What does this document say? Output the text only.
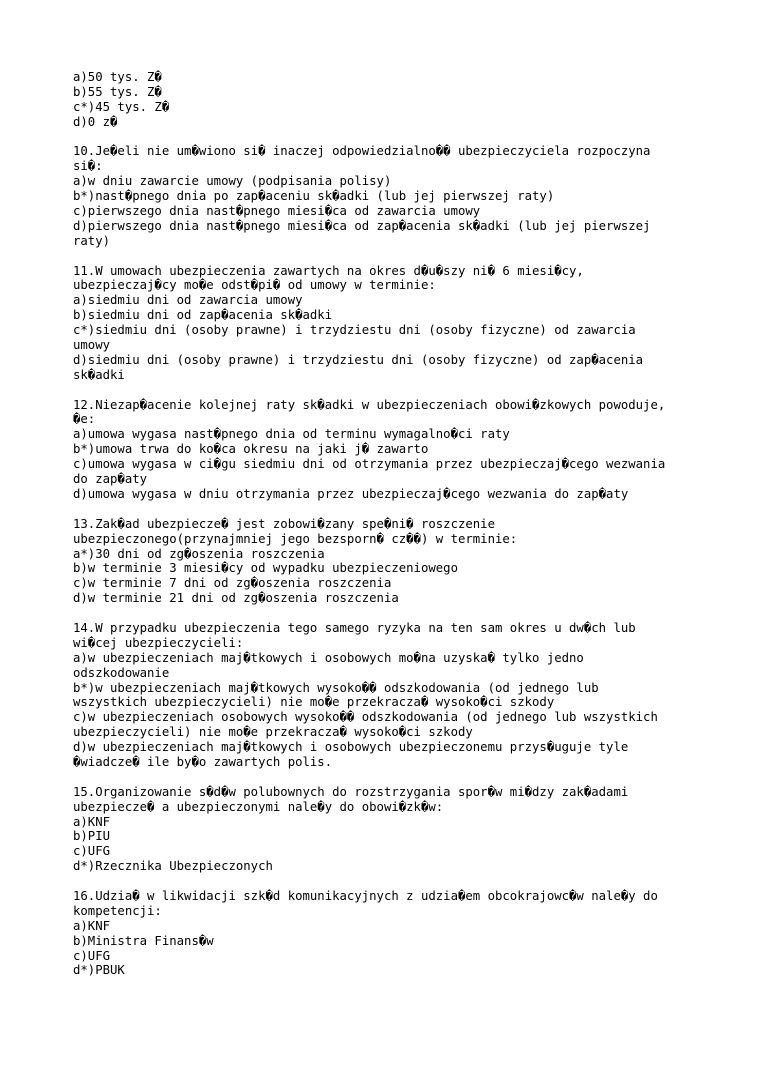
a)50 tys. Z�
b)55 tys. Z�
c*)45 tys. Z�
d)0 z�
10.Je�eli nie um�wiono si� inaczej odpowiedzialno�� ubezpieczyciela rozpoczyna
si�:
a)w dniu zawarcie umowy (podpisania polisy)
b*)nast�pnego dnia po zap�aceniu sk�adki (lub jej pierwszej raty)
c)pierwszego dnia nast�pnego miesi�ca od zawarcia umowy
d)pierwszego dnia nast�pnego miesi�ca od zap�acenia sk�adki (lub jej pierwszej
raty)
11.W umowach ubezpieczenia zawartych na okres d�u�szy ni� 6 miesi�cy,
ubezpieczaj�cy mo�e odst�pi� od umowy w terminie:
a)siedmiu dni od zawarcia umowy
b)siedmiu dni od zap�acenia sk�adki
c*)siedmiu dni (osoby prawne) i trzydziestu dni (osoby fizyczne) od zawarcia
umowy
d)siedmiu dni (osoby prawne) i trzydziestu dni (osoby fizyczne) od zap�acenia
sk�adki
12.Niezap�acenie kolejnej raty sk�adki w ubezpieczeniach obowi�zkowych powoduje,
�e:
a)umowa wygasa nast�pnego dnia od terminu wymagalno�ci raty
b*)umowa trwa do ko�ca okresu na jaki j� zawarto
c)umowa wygasa w ci�gu siedmiu dni od otrzymania przez ubezpieczaj�cego wezwania
do zap�aty
d)umowa wygasa w dniu otrzymania przez ubezpieczaj�cego wezwania do zap�aty
13.Zak�ad ubezpiecze� jest zobowi�zany spe�ni� roszczenie
ubezpieczonego(przynajmniej jego bezsporn� cz��) w terminie:
a*)30 dni od zg�oszenia roszczenia
b)w terminie 3 miesi�cy od wypadku ubezpieczeniowego
c)w terminie 7 dni od zg�oszenia roszczenia
d)w terminie 21 dni od zg�oszenia roszczenia
14.W przypadku ubezpieczenia tego samego ryzyka na ten sam okres u dw�ch lub
wi�cej ubezpieczycieli:
a)w ubezpieczeniach maj�tkowych i osobowych mo�na uzyska� tylko jedno
odszkodowanie
b*)w ubezpieczeniach maj�tkowych wysoko�� odszkodowania (od jednego lub
wszystkich ubezpieczycieli) nie mo�e przekracza� wysoko�ci szkody
c)w ubezpieczeniach osobowych wysoko�� odszkodowania (od jednego lub wszystkich
ubezpieczycieli) nie mo�e przekracza� wysoko�ci szkody
d)w ubezpieczeniach maj�tkowych i osobowych ubezpieczonemu przys�uguje tyle
�wiadcze� ile by�o zawartych polis.
15.Organizowanie s�d�w polubownych do rozstrzygania spor�w mi�dzy zak�adami
ubezpiecze� a ubezpieczonymi nale�y do obowi�zk�w:
a)KNF
b)PIU
c)UFG
d*)Rzecznika Ubezpieczonych
16.Udzia� w likwidacji szk�d komunikacyjnych z udzia�em obcokrajowc�w nale�y do
kompetencji:
a)KNF
b)Ministra Finans�w
c)UFG
d*)PBUK
